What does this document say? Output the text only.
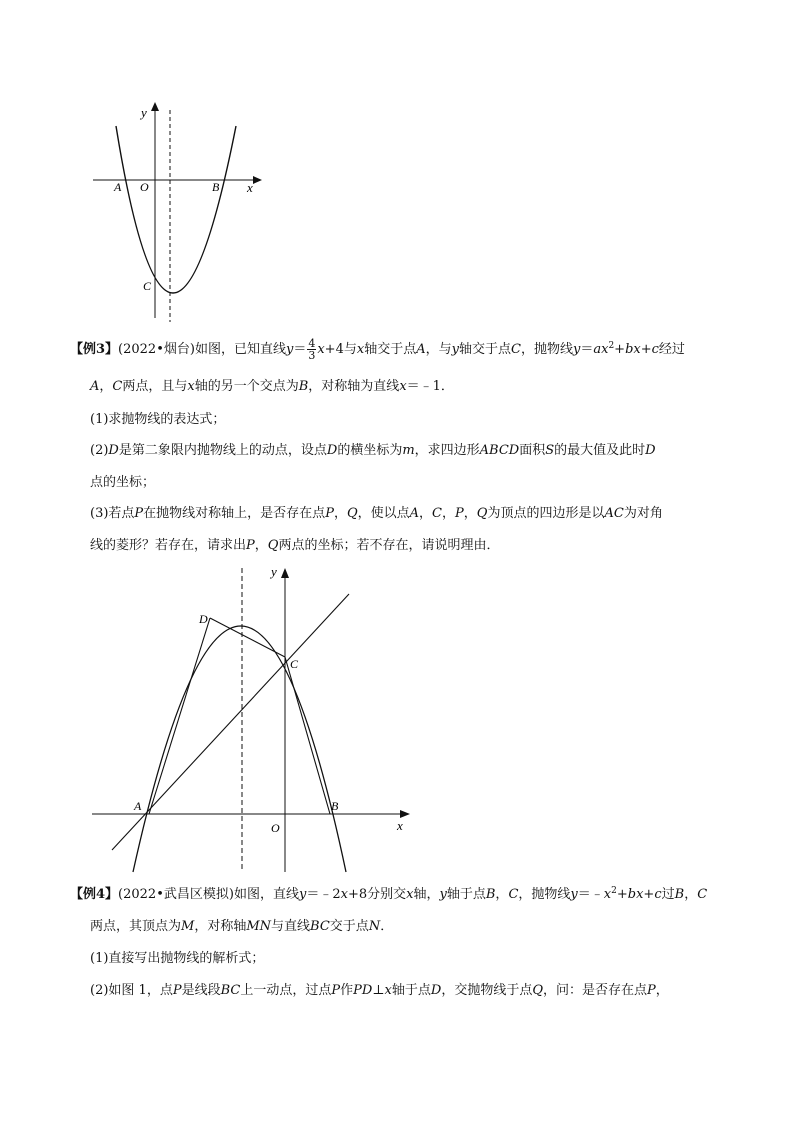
y
x
O
A	B
C
【例3】(2022•烟台)如图，已知直线$y= \frac{4}{3} x+4$与x轴交于点A，与y轴交于点C，抛物线$y=ax^2+bx+c$经过
A，C两点，且与x轴的另一个交点为B，对称轴为直线x＝﹣1．
(1)求抛物线的表达式；
(2)D是第二象限内抛物线上的动点，设点D的横坐标为m，求四边形ABCD面积S的最大值及此时D
点的坐标；
(3)若点P在抛物线对称轴上，是否存在点P，Q，使以点A，C，P，Q为顶点的四边形是以AC为对角
线的菱形？若存在，请求出P，Q两点的坐标；若不存在，请说明理由．
y
x
O
A	B
C
D
【例4】(2022•武昌区模拟)如图，直线y＝﹣2x+8分别交x轴，y轴于点B，C，抛物线$y=﹣x^2+bx+c$过B，C
两点，其顶点为M，对称轴MN与直线BC交于点N．
(1)直接写出抛物线的解析式；
(2)如图 1，点P是线段BC上一动点，过点P作PD⊥x轴于点D，交抛物线于点Q，问：是否存在点P，
